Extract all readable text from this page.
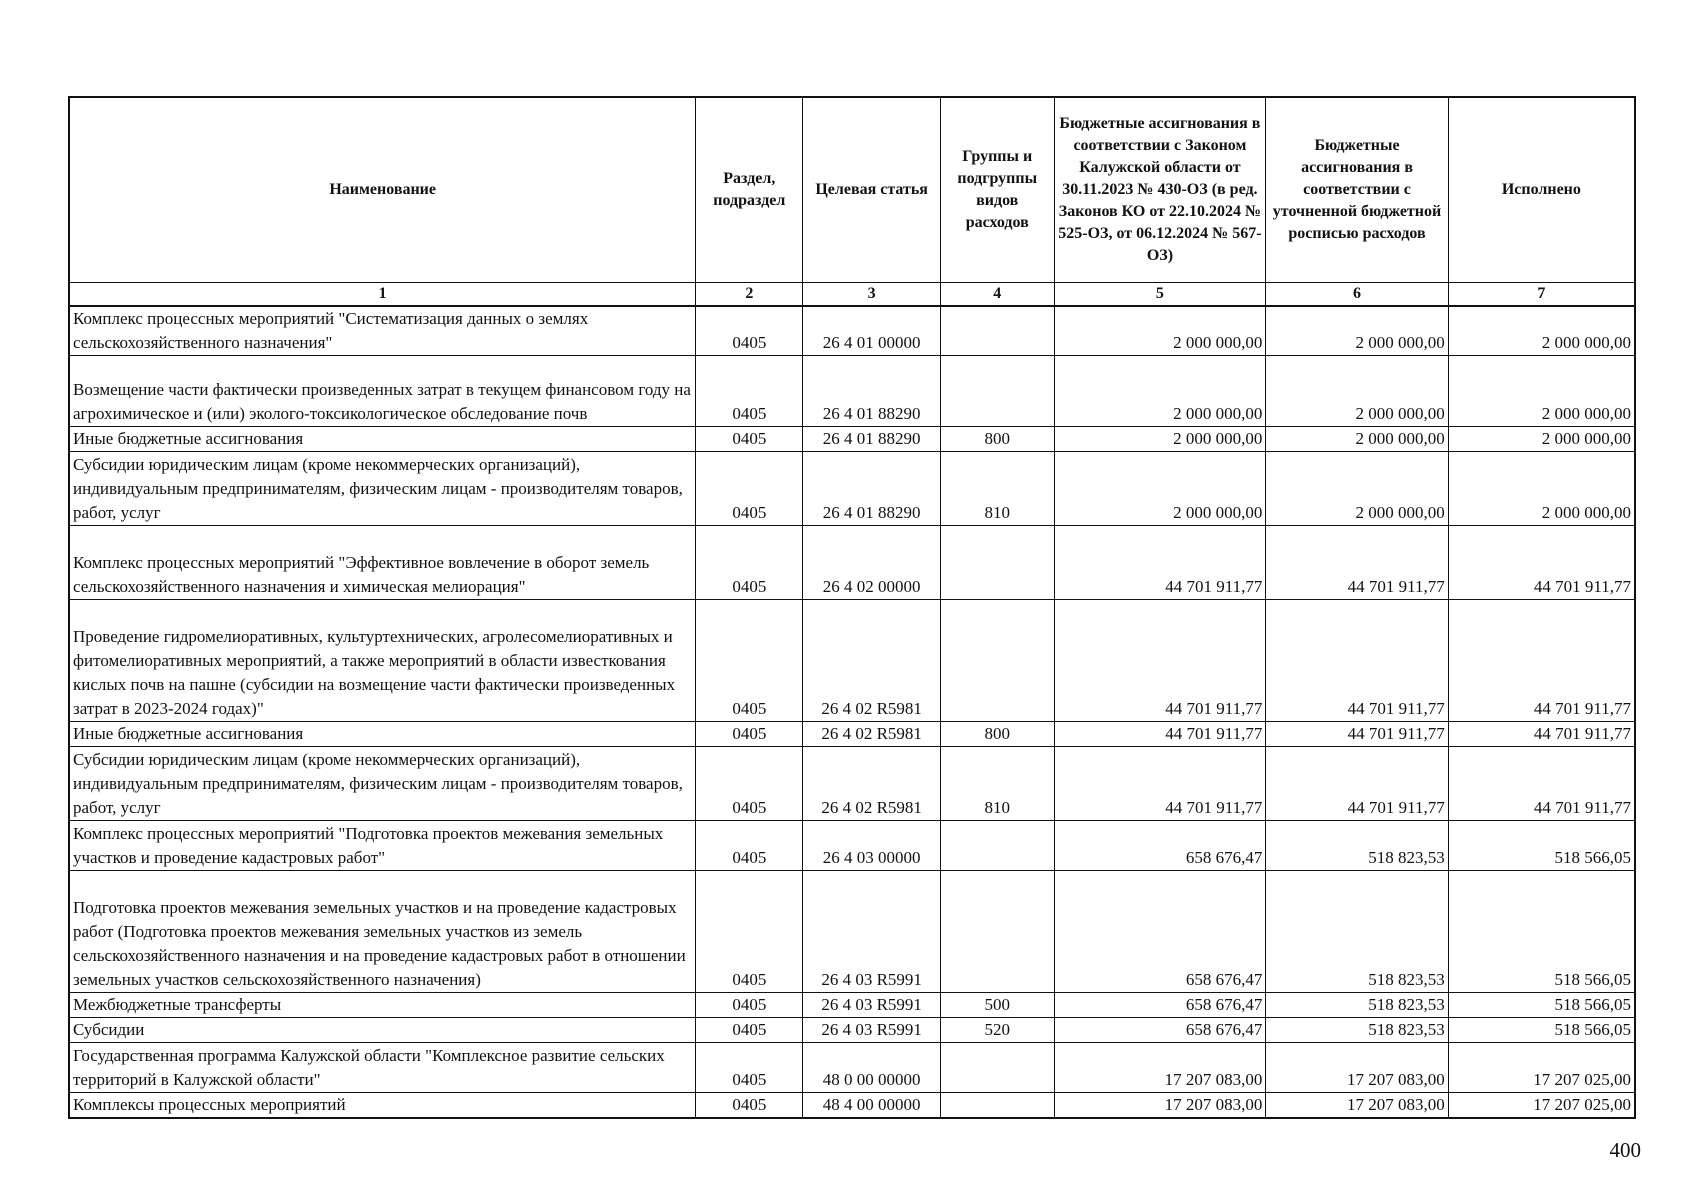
Наименование	Раздел, подраздел	Целевая статья	Группы и подгруппы видов расходов	Бюджетные ассигнования в соответствии с Законом Калужской области от 30.11.2023 № 430-ОЗ (в ред. Законов КО от 22.10.2024 № 525-ОЗ, от 06.12.2024 № 567-ОЗ)	Бюджетные ассигнования в соответствии с уточненной бюджетной росписью расходов	Исполнено
1	2	3	4	5	6	7
Комплекс процессных мероприятий "Систематизация данных о землях сельскохозяйственного назначения"	0405	26 4 01 00000		2 000 000,00	2 000 000,00	2 000 000,00
Возмещение части фактически произведенных затрат в текущем финансовом году на агрохимическое и (или) эколого-токсикологическое обследование почв	0405	26 4 01 88290		2 000 000,00	2 000 000,00	2 000 000,00
Иные бюджетные ассигнования	0405	26 4 01 88290	800	2 000 000,00	2 000 000,00	2 000 000,00
Субсидии юридическим лицам (кроме некоммерческих организаций), индивидуальным предпринимателям, физическим лицам - производителям товаров, работ, услуг	0405	26 4 01 88290	810	2 000 000,00	2 000 000,00	2 000 000,00
Комплекс процессных мероприятий "Эффективное вовлечение в оборот земель сельскохозяйственного назначения и химическая мелиорация"	0405	26 4 02 00000		44 701 911,77	44 701 911,77	44 701 911,77
Проведение гидромелиоративных, культуртехнических, агролесомелиоративных и фитомелиоративных мероприятий, а также мероприятий в области известкования кислых почв на пашне (субсидии на возмещение части фактически произведенных затрат в 2023-2024 годах)"	0405	26 4 02 R5981		44 701 911,77	44 701 911,77	44 701 911,77
Иные бюджетные ассигнования	0405	26 4 02 R5981	800	44 701 911,77	44 701 911,77	44 701 911,77
Субсидии юридическим лицам (кроме некоммерческих организаций), индивидуальным предпринимателям, физическим лицам - производителям товаров, работ, услуг	0405	26 4 02 R5981	810	44 701 911,77	44 701 911,77	44 701 911,77
Комплекс процессных мероприятий "Подготовка проектов межевания земельных участков и проведение кадастровых работ"	0405	26 4 03 00000		658 676,47	518 823,53	518 566,05
Подготовка проектов межевания земельных участков и на проведение кадастровых работ (Подготовка проектов межевания земельных участков из земель сельскохозяйственного назначения и на проведение кадастровых работ в отношении земельных участков сельскохозяйственного назначения)	0405	26 4 03 R5991		658 676,47	518 823,53	518 566,05
Межбюджетные трансферты	0405	26 4 03 R5991	500	658 676,47	518 823,53	518 566,05
Субсидии	0405	26 4 03 R5991	520	658 676,47	518 823,53	518 566,05
Государственная программа Калужской области "Комплексное развитие сельских территорий в Калужской области"	0405	48 0 00 00000		17 207 083,00	17 207 083,00	17 207 025,00
Комплексы процессных мероприятий	0405	48 4 00 00000		17 207 083,00	17 207 083,00	17 207 025,00
400
